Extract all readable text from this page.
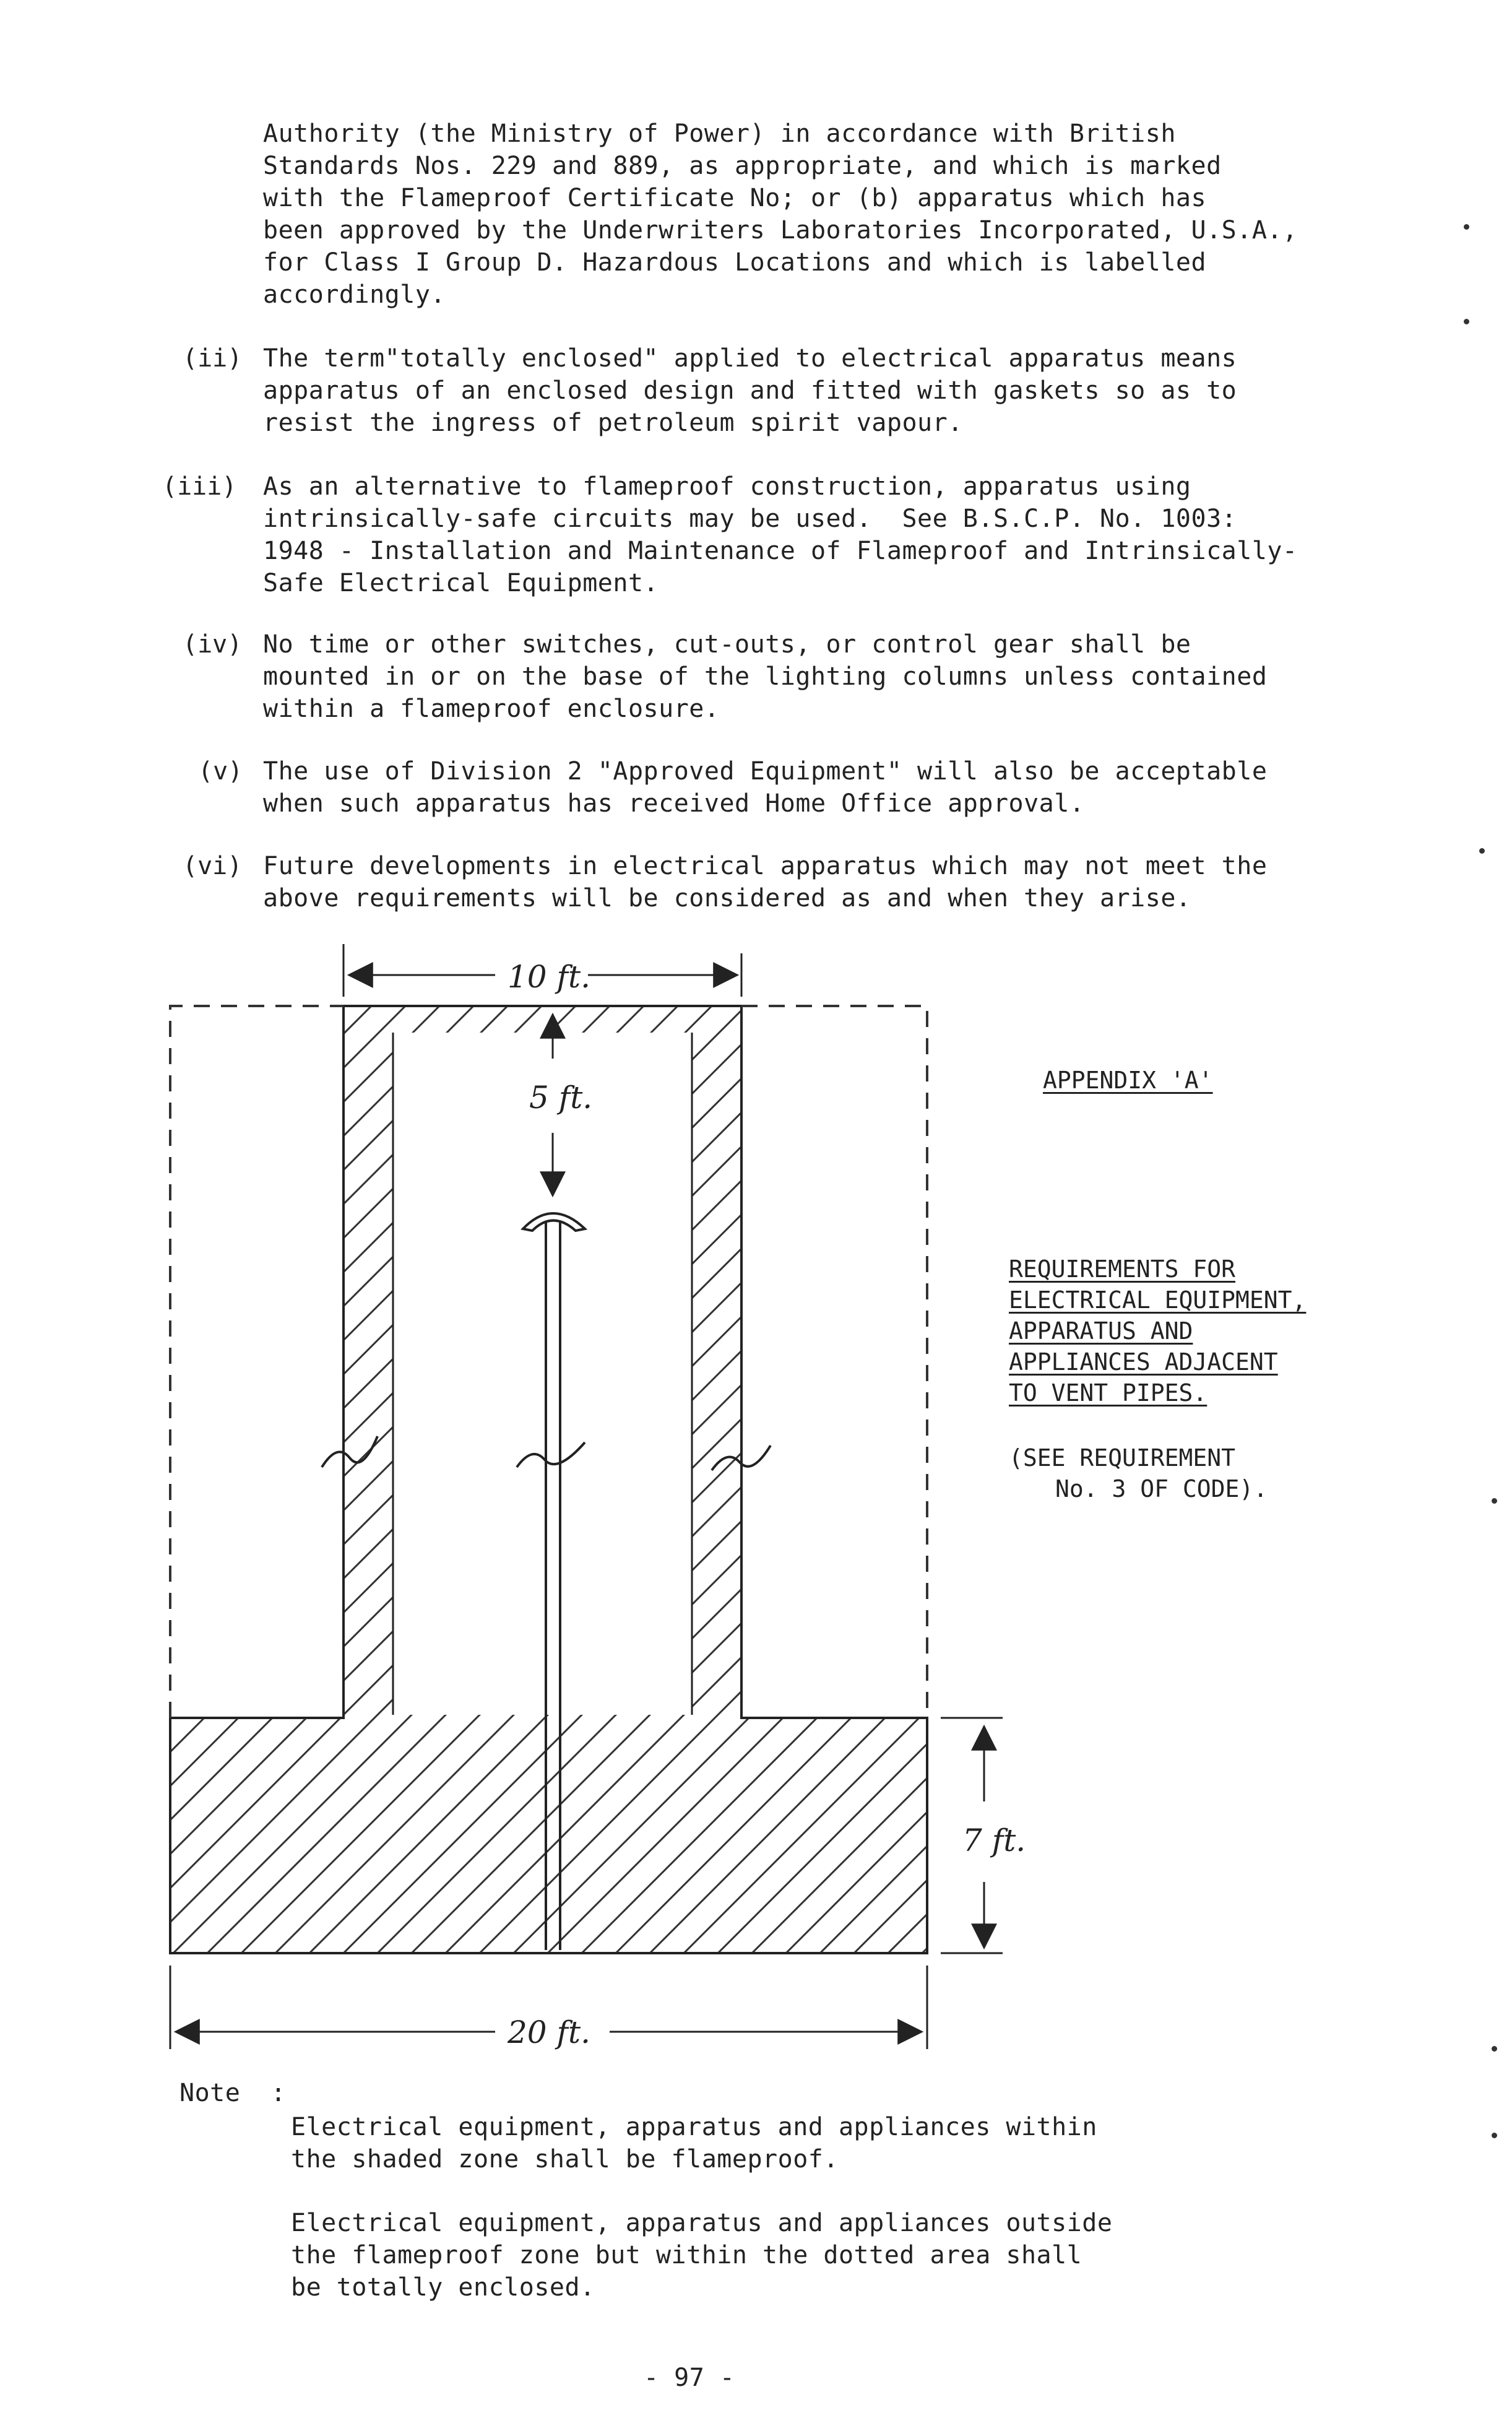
Authority (the Ministry of Power) in accordance with British
Standards Nos. 229 and 889, as appropriate, and which is marked
with the Flameproof Certificate No; or (b) apparatus which has
been approved by the Underwriters Laboratories Incorporated, U.S.A.,
for Class I Group D. Hazardous Locations and which is labelled
accordingly.
(ii) The term"totally enclosed" applied to electrical apparatus means
apparatus of an enclosed design and fitted with gaskets so as to
resist the ingress of petroleum spirit vapour.
(iii) As an alternative to flameproof construction, apparatus using
intrinsically-safe circuits may be used.  See B.S.C.P. No. 1003:
1948 - Installation and Maintenance of Flameproof and Intrinsically-
Safe Electrical Equipment.
(iv) No time or other switches, cut-outs, or control gear shall be
mounted in or on the base of the lighting columns unless contained
within a flameproof enclosure.
(v) The use of Division 2 "Approved Equipment" will also be acceptable
when such apparatus has received Home Office approval.
(vi) Future developments in electrical apparatus which may not meet the
above requirements will be considered as and when they arise.
10 ft.
5 ft.
7 ft.
20 ft.
APPENDIX 'A'
REQUIREMENTS FOR
ELECTRICAL EQUIPMENT,
APPARATUS AND
APPLIANCES ADJACENT
TO VENT PIPES.
(SEE REQUIREMENT
No. 3 OF CODE).
Note  :
Electrical equipment, apparatus and appliances within
the shaded zone shall be flameproof.
Electrical equipment, apparatus and appliances outside
the flameproof zone but within the dotted area shall
be totally enclosed.
- 97 -
